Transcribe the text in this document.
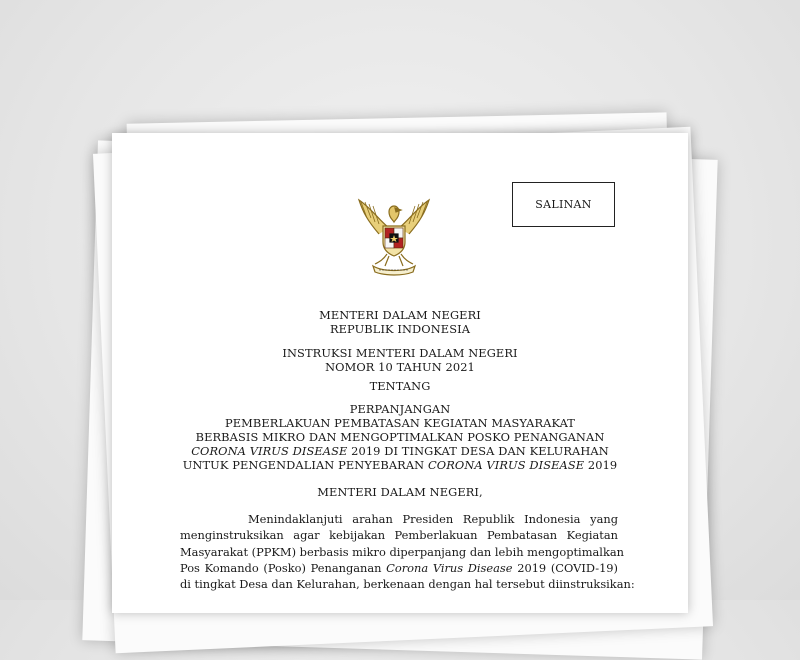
SALINAN
MENTERI DALAM NEGERI
REPUBLIK INDONESIA
INSTRUKSI MENTERI DALAM NEGERI
NOMOR 10 TAHUN 2021
TENTANG
PERPANJANGAN
PEMBERLAKUAN PEMBATASAN KEGIATAN MASYARAKAT
BERBASIS MIKRO DAN MENGOPTIMALKAN POSKO PENANGANAN
CORONA VIRUS DISEASE 2019 DI TINGKAT DESA DAN KELURAHAN
UNTUK PENGENDALIAN PENYEBARAN CORONA VIRUS DISEASE 2019
MENTERI DALAM NEGERI,
Menindaklanjuti arahan Presiden Republik Indonesia yang
menginstruksikan agar kebijakan Pemberlakuan Pembatasan Kegiatan
Masyarakat (PPKM) berbasis mikro diperpanjang dan lebih mengoptimalkan
Pos Komando (Posko) Penanganan Corona Virus Disease 2019 (COVID-19)
di tingkat Desa dan Kelurahan, berkenaan dengan hal tersebut diinstruksikan:
